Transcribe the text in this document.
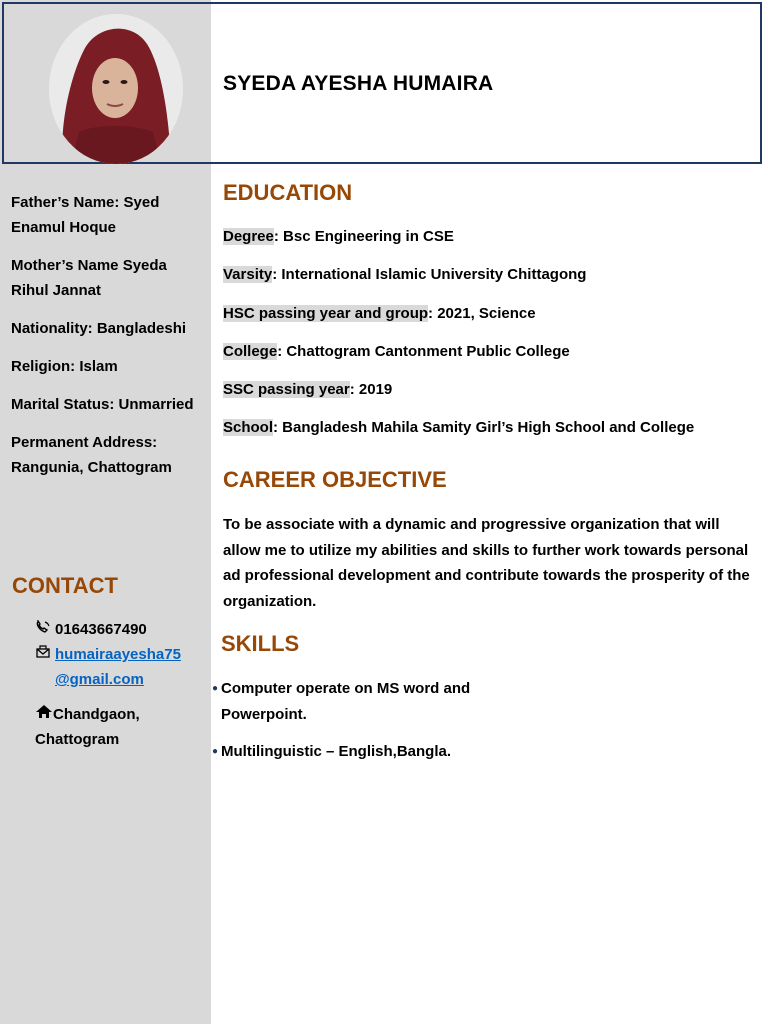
SYEDA AYESHA HUMAIRA
Father’s Name: Syed Enamul Hoque
Mother’s Name Syeda Rihul Jannat
Nationality: Bangladeshi
Religion: Islam
Marital Status: Unmarried
Permanent Address: Rangunia, Chattogram
CONTACT
01643667490
humairaayesha75
@gmail.com
Chandgaon,
Chattogram
EDUCATION
Degree: Bsc Engineering in CSE
Varsity: International Islamic University Chittagong
HSC passing year and group: 2021, Science
College: Chattogram Cantonment Public College
SSC passing year: 2019
School: Bangladesh Mahila Samity Girl’s High School and College
CAREER OBJECTIVE
To be associate with a dynamic and progressive organization that will allow me to utilize my abilities and skills to further work towards personal ad professional development and contribute towards the prosperity of the organization.
SKILLS
● Computer operate on MS word and Powerpoint.
● Multilinguistic – English,Bangla.
